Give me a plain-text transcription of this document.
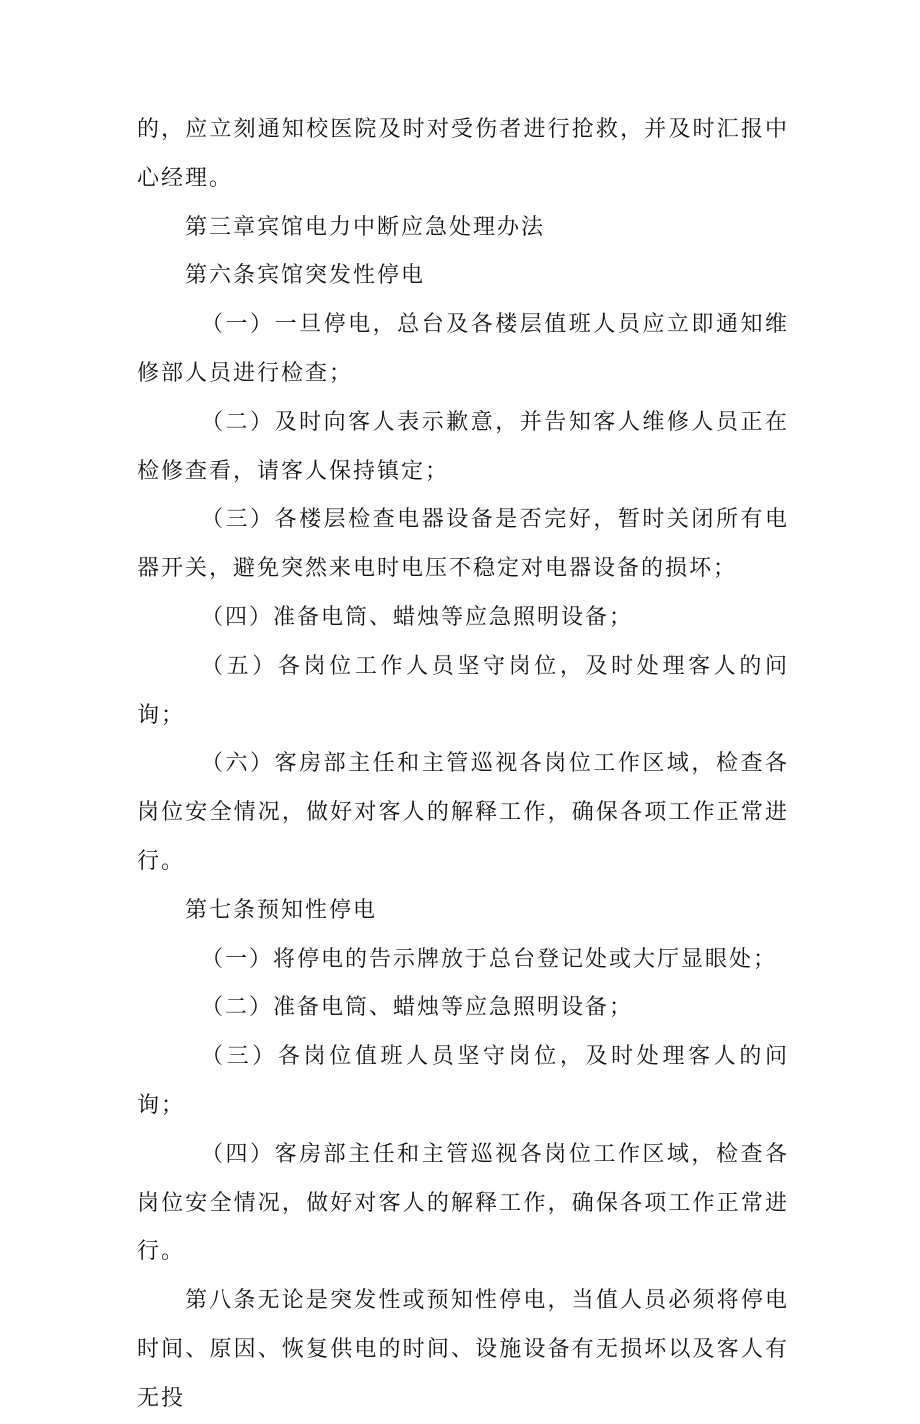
的，应立刻通知校医院及时对受伤者进行抢救，并及时汇报中心经理。

第三章宾馆电力中断应急处理办法

第六条宾馆突发性停电

（一）一旦停电，总台及各楼层值班人员应立即通知维修部人员进行检查；

（二）及时向客人表示歉意，并告知客人维修人员正在检修查看，请客人保持镇定；

（三）各楼层检查电器设备是否完好，暂时关闭所有电器开关，避免突然来电时电压不稳定对电器设备的损坏；

（四）准备电筒、蜡烛等应急照明设备；

（五）各岗位工作人员坚守岗位，及时处理客人的问询；

（六）客房部主任和主管巡视各岗位工作区域，检查各岗位安全情况，做好对客人的解释工作，确保各项工作正常进行。

第七条预知性停电

（一）将停电的告示牌放于总台登记处或大厅显眼处；

（二）准备电筒、蜡烛等应急照明设备；

（三）各岗位值班人员坚守岗位，及时处理客人的问询；

（四）客房部主任和主管巡视各岗位工作区域，检查各岗位安全情况，做好对客人的解释工作，确保各项工作正常进行。

第八条无论是突发性或预知性停电，当值人员必须将停电时间、原因、恢复供电的时间、设施设备有无损坏以及客人有无投
